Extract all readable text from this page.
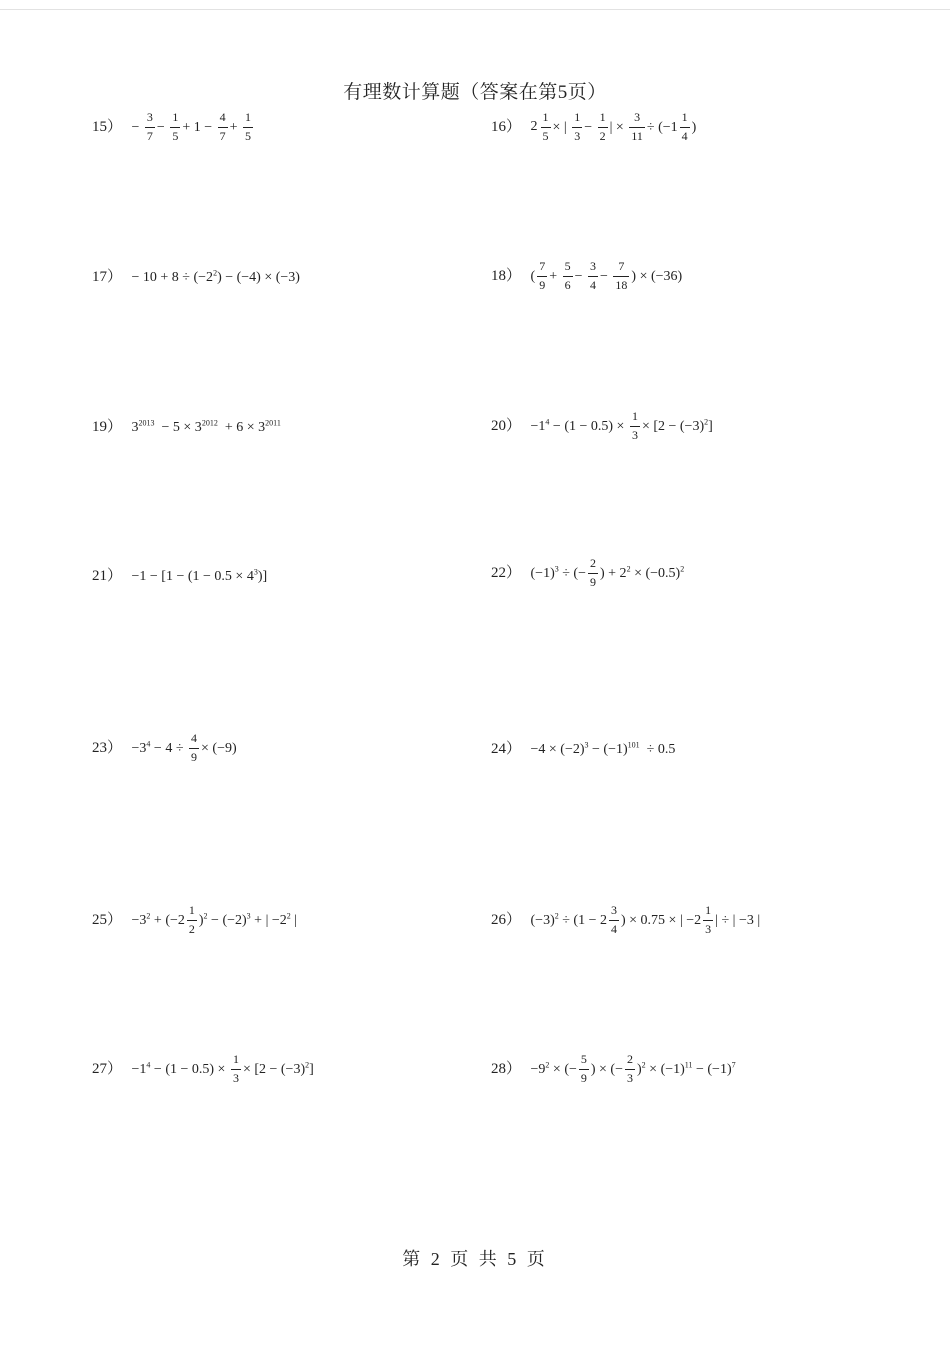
有理数计算题（答案在第5页）
$15) - \frac{3}{7} - \frac{1}{5} + 1 - \frac{4}{7} + \frac{1}{5}$	16） $2 \frac{1}{5}$ × | $\frac{1}{3} - \frac{1}{2}$ | × $\frac{3}{11} \div (-1 \frac{1}{4}$ )
$17) - 10 + 8 \div (-2^2) - (-4) \times (-3)$	18） ( $\frac{7}{9} + \frac{5}{6} - \frac{3}{4} - \frac{7}{18}$ ) × (−36)
19） $3^{2013} - 5 \times 3^{2012} + 6 \times 3^{2011}$	$20) -1^4 - (1 - 0.5) \times \frac{1}{3} \times [2 - (-3)^2]$
$21) -1 - [1 - (1 - 0.5 \times 4^3)]$	22） $(-1)^3$ ÷ (− $\frac{2}{9}$ ) + $2^2 \times (-0.5)^2$
$23) -3^4 - 4 \div \frac{4}{9} \times (-9)$	$24) -4 \times (-2)^3 - (-1)^{101} \div 0.5$
$25) -3^2 + (-2 \frac{1}{2} )^2 - (-2)^3$ + | $-2^2$ |	26） $(-3)^2 \div (1 - 2 \frac{3}{4}$ ) × 0.75 × | $-2 \frac{1}{3}$ | ÷ | −3 |
$27) -1^4 - (1 - 0.5) \times \frac{1}{3} \times [2 - (-3)^2]$	$28) -9^2$ × (− $\frac{5}{9}$ ) × (− $\frac{2}{3} )^2 \times (-1)^{11} - (-1)^7$
第 2 页 共 5 页
